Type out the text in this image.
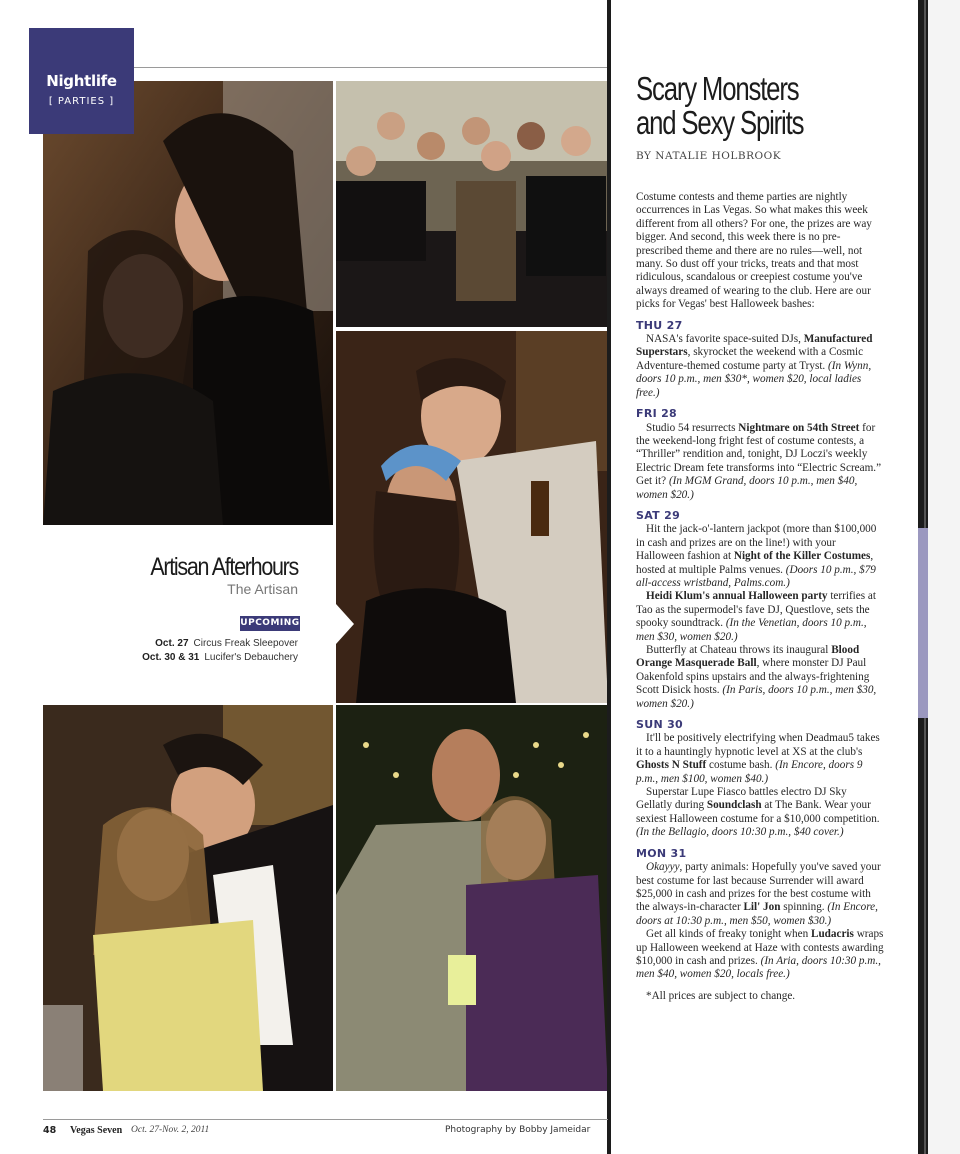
Nightlife
[ PARTIES ]
Artisan Afterhours
The Artisan
UPCOMING
Oct. 27 Circus Freak Sleepover
Oct. 30 & 31 Lucifer's Debauchery
Scary Monsters
and Sexy Spirits
BY NATALIE HOLBROOK

Costume contests and theme parties are nightly occurrences in Las Vegas. So what makes this week different from all others? For one, the prizes are way bigger. And second, this week there is no pre-prescribed theme and there are no rules—well, not many. So dust off your tricks, treats and that most ridiculous, scandalous or creepiest costume you've always dreamed of wearing to the club. Here are our picks for Vegas' best Halloweek bashes:

THU 27

NASA's favorite space-suited DJs, Manufactured Superstars, skyrocket the weekend with a Cosmic Adventure-themed costume party at Tryst. (In Wynn, doors 10 p.m., men $30*, women $20, local ladies free.)

FRI 28

Studio 54 resurrects Nightmare on 54th Street for the weekend-long fright fest of costume contests, a “Thriller” rendition and, tonight, DJ Loczi's weekly Electric Dream fete transforms into “Electric Scream.” Get it? (In MGM Grand, doors 10 p.m., men $40, women $20.)

SAT 29

Hit the jack-o'-lantern jackpot (more than $100,000 in cash and prizes are on the line!) with your Halloween fashion at Night of the Killer Costumes, hosted at multiple Palms venues. (Doors 10 p.m., $79 all-access wristband, Palms.com.)

Heidi Klum's annual Halloween party terrifies at Tao as the supermodel's fave DJ, Questlove, sets the spooky soundtrack. (In the Venetian, doors 10 p.m., men $30, women $20.)

Butterfly at Chateau throws its inaugural Blood Orange Masquerade Ball, where monster DJ Paul Oakenfold spins upstairs and the always-frightening Scott Disick hosts. (In Paris, doors 10 p.m., men $30, women $20.)

SUN 30

It'll be positively electrifying when Deadmau5 takes it to a hauntingly hypnotic level at XS at the club's Ghosts N Stuff costume bash. (In Encore, doors 9 p.m., men $100, women $40.)

Superstar Lupe Fiasco battles electro DJ Sky Gellatly during Soundclash at The Bank. Wear your sexiest Halloween costume for a $10,000 competition. (In the Bellagio, doors 10:30 p.m., $40 cover.)

MON 31

Okayyy, party animals: Hopefully you've saved your best costume for last because Surrender will award $25,000 in cash and prizes for the best costume with the always-in-character Lil' Jon spinning. (In Encore, doors at 10:30 p.m., men $50, women $30.)

Get all kinds of freaky tonight when Ludacris wraps up Halloween weekend at Haze with contests awarding $10,000 in cash and prizes. (In Aria, doors 10:30 p.m., men $40, women $20, locals free.)

*All prices are subject to change.

48 Vegas Seven Oct. 27-Nov. 2, 2011	Photography by Bobby Jameidar
